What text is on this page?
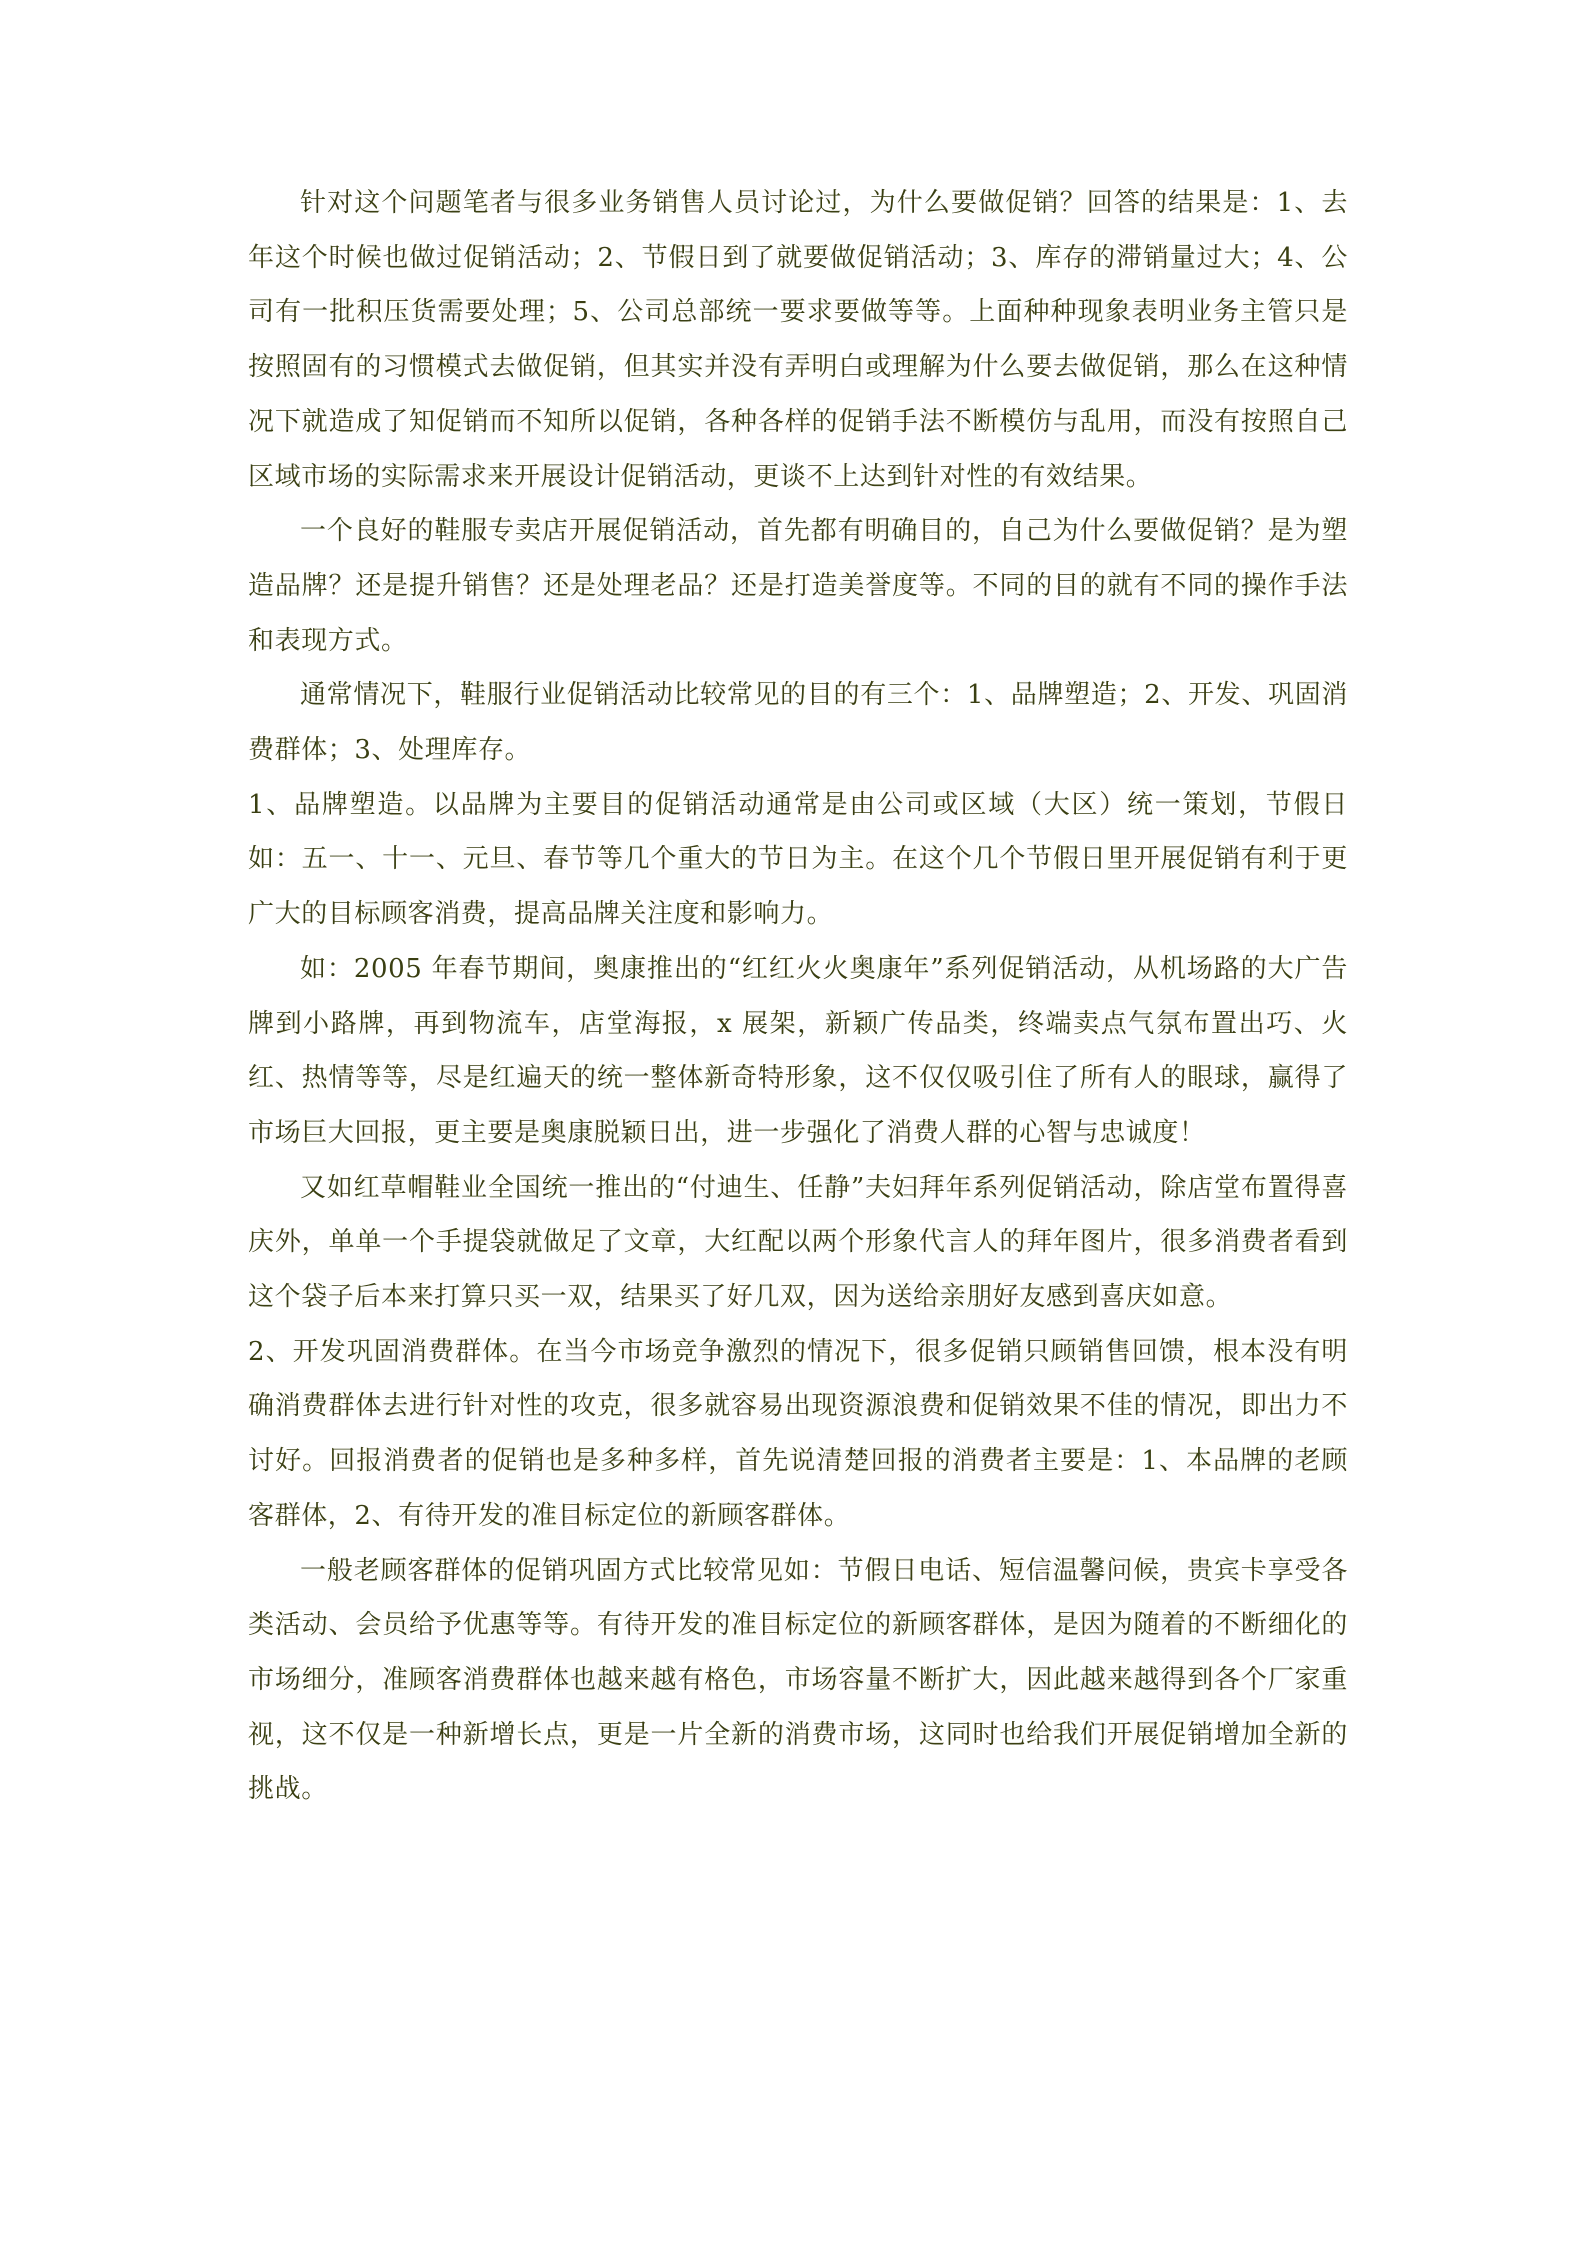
针对这个问题笔者与很多业务销售人员讨论过，为什么要做促销？回答的结果是：1、去年这个时候也做过促销活动；2、节假日到了就要做促销活动；3、库存的滞销量过大；4、公司有一批积压货需要处理；5、公司总部统一要求要做等等。上面种种现象表明业务主管只是按照固有的习惯模式去做促销，但其实并没有弄明白或理解为什么要去做促销，那么在这种情况下就造成了知促销而不知所以促销，各种各样的促销手法不断模仿与乱用，而没有按照自己区域市场的实际需求来开展设计促销活动，更谈不上达到针对性的有效结果。

一个良好的鞋服专卖店开展促销活动，首先都有明确目的，自己为什么要做促销？是为塑造品牌？还是提升销售？还是处理老品？还是打造美誉度等。不同的目的就有不同的操作手法和表现方式。

通常情况下，鞋服行业促销活动比较常见的目的有三个：1、品牌塑造；2、开发、巩固消费群体；3、处理库存。

1、品牌塑造。以品牌为主要目的促销活动通常是由公司或区域（大区）统一策划，节假日如：五一、十一、元旦、春节等几个重大的节日为主。在这个几个节假日里开展促销有利于更广大的目标顾客消费，提高品牌关注度和影响力。

如：2005 年春节期间，奥康推出的“红红火火奥康年”系列促销活动，从机场路的大广告牌到小路牌，再到物流车，店堂海报，x 展架，新颖广传品类，终端卖点气氛布置出巧、火红、热情等等，尽是红遍天的统一整体新奇特形象，这不仅仅吸引住了所有人的眼球，赢得了市场巨大回报，更主要是奥康脱颖日出，进一步强化了消费人群的心智与忠诚度！

又如红草帽鞋业全国统一推出的“付迪生、任静”夫妇拜年系列促销活动，除店堂布置得喜庆外，单单一个手提袋就做足了文章，大红配以两个形象代言人的拜年图片，很多消费者看到这个袋子后本来打算只买一双，结果买了好几双，因为送给亲朋好友感到喜庆如意。

2、开发巩固消费群体。在当今市场竞争激烈的情况下，很多促销只顾销售回馈，根本没有明确消费群体去进行针对性的攻克，很多就容易出现资源浪费和促销效果不佳的情况，即出力不讨好。回报消费者的促销也是多种多样，首先说清楚回报的消费者主要是：1、本品牌的老顾客群体，2、有待开发的准目标定位的新顾客群体。

一般老顾客群体的促销巩固方式比较常见如：节假日电话、短信温馨问候，贵宾卡享受各类活动、会员给予优惠等等。有待开发的准目标定位的新顾客群体，是因为随着的不断细化的市场细分，准顾客消费群体也越来越有格色，市场容量不断扩大，因此越来越得到各个厂家重视，这不仅是一种新增长点，更是一片全新的消费市场，这同时也给我们开展促销增加全新的挑战。
